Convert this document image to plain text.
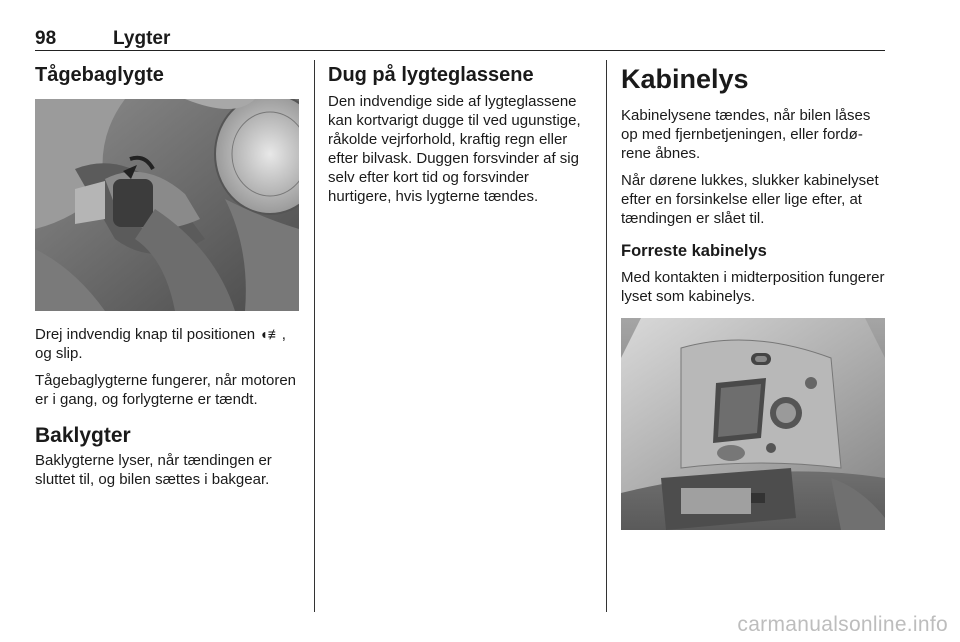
98	Lygter
Tågebaglygte

Drej indvendig knap til positionen ◖≢, og slip.

Tågebaglygterne fungerer, når motoren er i gang, og forlygterne er tændt.

Baklygter

Baklygterne lyser, når tændingen er sluttet til, og bilen sættes i bakgear.

Dug på lygteglassene

Den indvendige side af lygteglassene kan kortvarigt dugge til ved ugunstige, råkolde vejrforhold, kraftig regn eller efter bilvask. Duggen forsvinder af sig selv efter kort tid og forsvinder hurtigere, hvis lygterne tændes.

Kabinelys

Kabinelysene tændes, når bilen låses op med fjernbetjeningen, eller fordørene åbnes.

Når dørene lukkes, slukker kabinelyset efter en forsinkelse eller lige efter, at tændingen er slået til.

Forreste kabinelys

Med kontakten i midterposition fungerer lyset som kabinelys.

carmanualsonline.info
